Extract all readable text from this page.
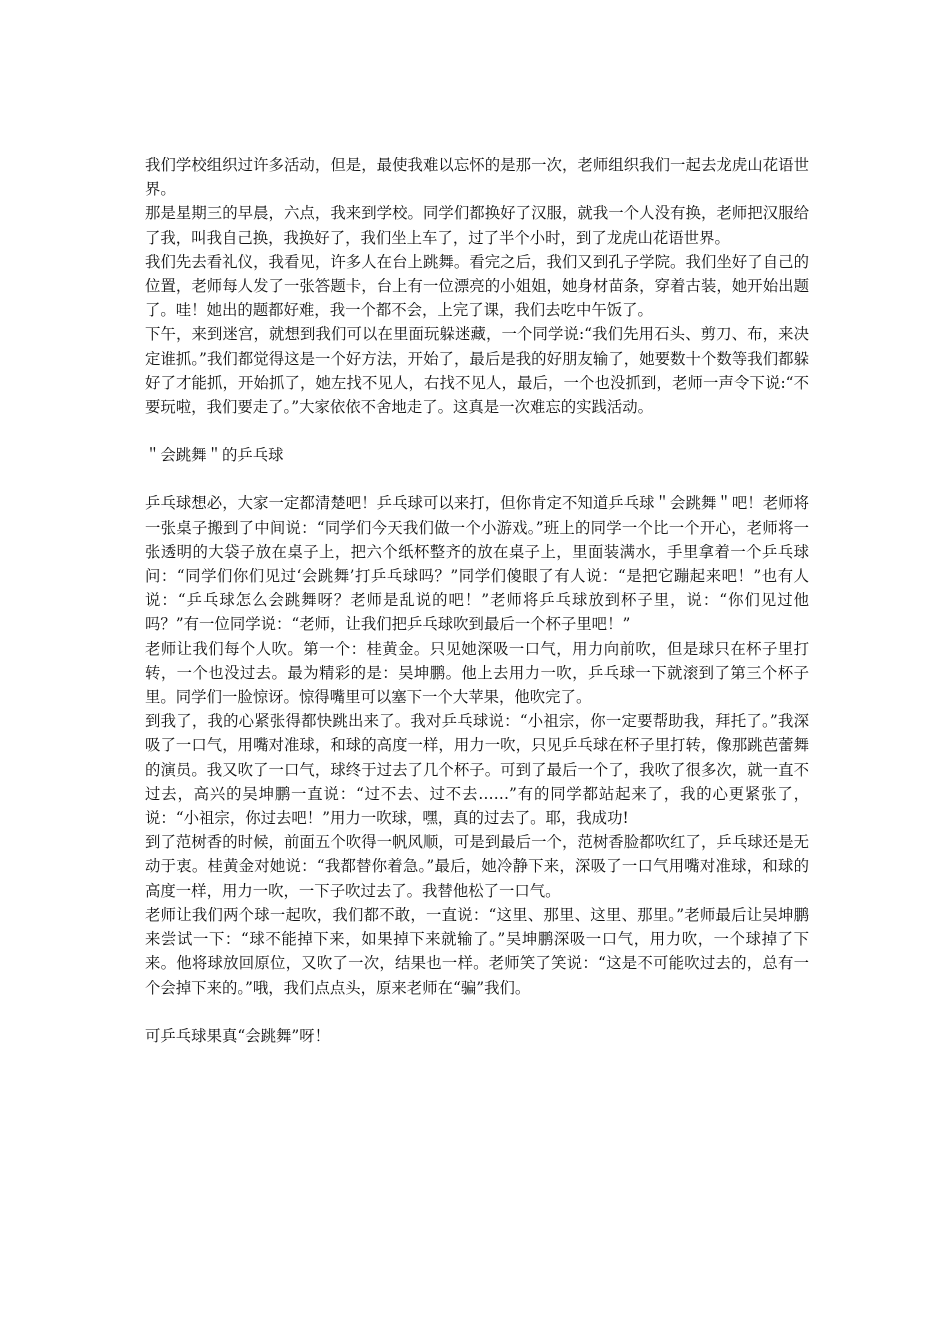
我们学校组织过许多活动，但是，最使我难以忘怀的是那一次，老师组织我们一起去龙虎山花语世界。

那是星期三的早晨，六点，我来到学校。同学们都换好了汉服，就我一个人没有换，老师把汉服给了我，叫我自己换，我换好了，我们坐上车了，过了半个小时，到了龙虎山花语世界。

我们先去看礼仪，我看见，许多人在台上跳舞。看完之后，我们又到孔子学院。我们坐好了自己的位置，老师每人发了一张答题卡，台上有一位漂亮的小姐姐，她身材苗条，穿着古装，她开始出题了。哇！她出的题都好难，我一个都不会，上完了课，我们去吃中午饭了。

下午，来到迷宫，就想到我们可以在里面玩躲迷藏，一个同学说:“我们先用石头、剪刀、布，来决定谁抓。”我们都觉得这是一个好方法，开始了，最后是我的好朋友输了，她要数十个数等我们都躲好了才能抓，开始抓了，她左找不见人，右找不见人，最后，一个也没抓到，老师一声令下说:“不要玩啦，我们要走了。”大家依依不舍地走了。这真是一次难忘的实践活动。

＂会跳舞＂的乒乓球

乒乓球想必，大家一定都清楚吧！乒乓球可以来打，但你肯定不知道乒乓球＂会跳舞＂吧！老师将一张桌子搬到了中间说：“同学们今天我们做一个小游戏。”班上的同学一个比一个开心，老师将一张透明的大袋子放在桌子上，把六个纸杯整齐的放在桌子上，里面装满水，手里拿着一个乒乓球问：“同学们你们见过‘会跳舞’打乒乓球吗？”同学们傻眼了有人说：“是把它蹦起来吧！”也有人说：“乒乓球怎么会跳舞呀？老师是乱说的吧！”老师将乒乓球放到杯子里，说：“你们见过他吗？”有一位同学说：“老师，让我们把乒乓球吹到最后一个杯子里吧！”

老师让我们每个人吹。第一个：桂黄金。只见她深吸一口气，用力向前吹，但是球只在杯子里打转，一个也没过去。最为精彩的是：吴坤鹏。他上去用力一吹，乒乓球一下就滚到了第三个杯子里。同学们一脸惊讶。惊得嘴里可以塞下一个大苹果，他吹完了。

到我了，我的心紧张得都快跳出来了。我对乒乓球说：“小祖宗，你一定要帮助我，拜托了。”我深吸了一口气，用嘴对准球，和球的高度一样，用力一吹，只见乒乓球在杯子里打转，像那跳芭蕾舞的演员。我又吹了一口气，球终于过去了几个杯子。可到了最后一个了，我吹了很多次，就一直不过去，高兴的吴坤鹏一直说：“过不去、过不去……”有的同学都站起来了，我的心更紧张了，说：“小祖宗，你过去吧！”用力一吹球，嘿，真的过去了。耶，我成功!

到了范树香的时候，前面五个吹得一帆风顺，可是到最后一个，范树香脸都吹红了，乒乓球还是无动于衷。桂黄金对她说：“我都替你着急。”最后，她冷静下来，深吸了一口气用嘴对准球，和球的高度一样，用力一吹，一下子吹过去了。我替他松了一口气。

老师让我们两个球一起吹，我们都不敢，一直说：“这里、那里、这里、那里。”老师最后让吴坤鹏来尝试一下：“球不能掉下来，如果掉下来就输了。”吴坤鹏深吸一口气，用力吹，一个球掉了下来。他将球放回原位，又吹了一次，结果也一样。老师笑了笑说：“这是不可能吹过去的，总有一个会掉下来的。”哦，我们点点头，原来老师在“骗”我们。

可乒乓球果真“会跳舞”呀！
